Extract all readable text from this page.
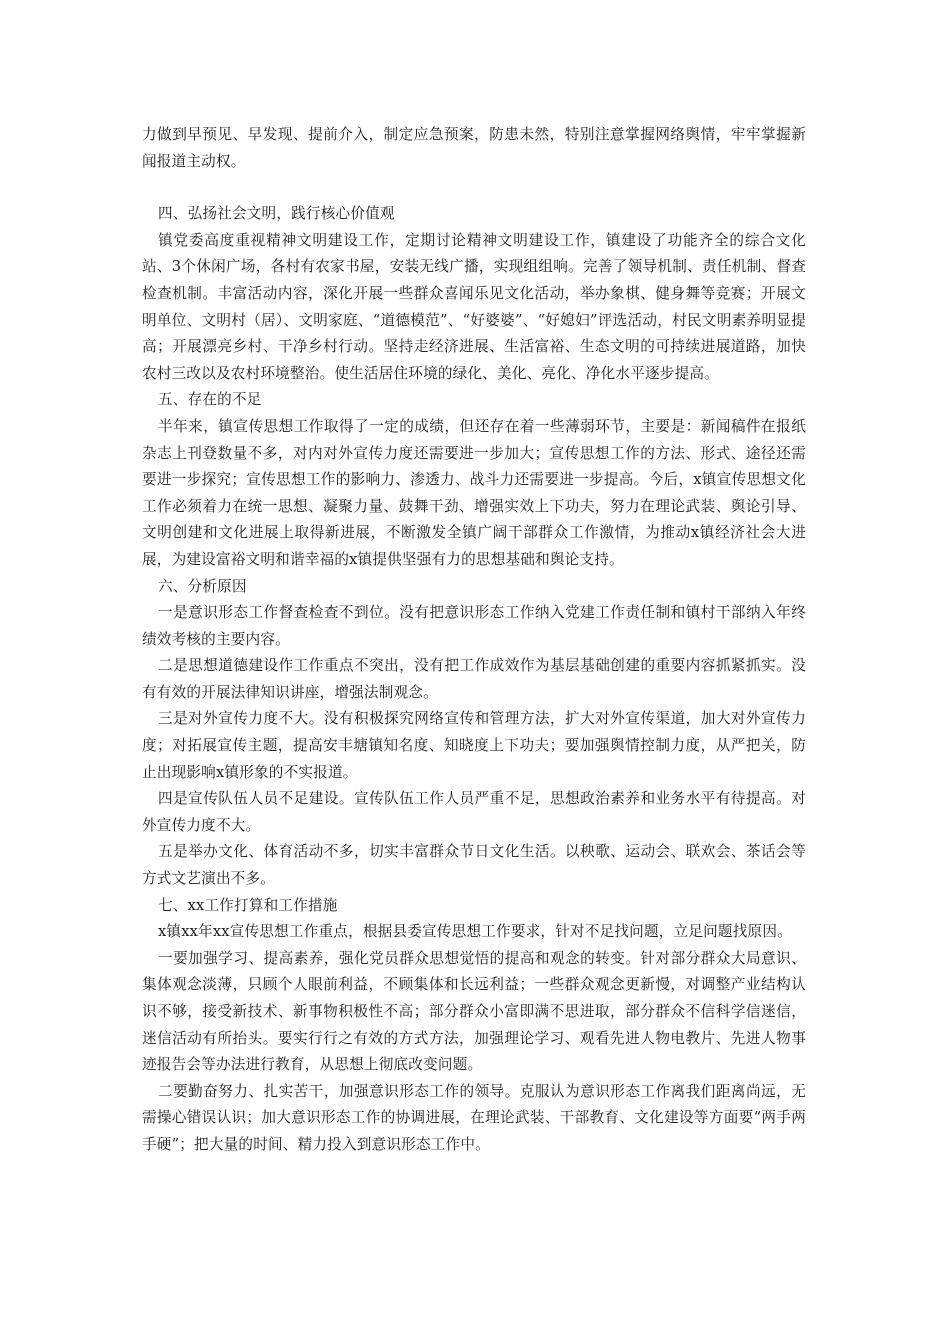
力做到早预见、早发现、提前介入，制定应急预案，防患未然，特别注意掌握网络舆情，牢牢掌握新闻报道主动权。

四、弘扬社会文明，践行核心价值观

镇党委高度重视精神文明建设工作，定期讨论精神文明建设工作，镇建设了功能齐全的综合文化站、3个休闲广场，各村有农家书屋，安装无线广播，实现组组响。完善了领导机制、责任机制、督查检查机制。丰富活动内容，深化开展一些群众喜闻乐见文化活动，举办象棋、健身舞等竞赛；开展文明单位、文明村（居）、文明家庭、“道德模范”、“好婆婆”、“好媳妇”评选活动，村民文明素养明显提高；开展漂亮乡村、干净乡村行动。坚持走经济进展、生活富裕、生态文明的可持续进展道路，加快农村三改以及农村环境整治。使生活居住环境的绿化、美化、亮化、净化水平逐步提高。

五、存在的不足

半年来，镇宣传思想工作取得了一定的成绩，但还存在着一些薄弱环节，主要是：新闻稿件在报纸杂志上刊登数量不多，对内对外宣传力度还需要进一步加大；宣传思想工作的方法、形式、途径还需要进一步探究；宣传思想工作的影响力、渗透力、战斗力还需要进一步提高。今后，x镇宣传思想文化工作必须着力在统一思想、凝聚力量、鼓舞干劲、增强实效上下功夫，努力在理论武装、舆论引导、文明创建和文化进展上取得新进展，不断激发全镇广阔干部群众工作激情，为推动x镇经济社会大进展，为建设富裕文明和谐幸福的x镇提供坚强有力的思想基础和舆论支持。

六、分析原因

一是意识形态工作督查检查不到位。没有把意识形态工作纳入党建工作责任制和镇村干部纳入年终绩效考核的主要内容。

二是思想道德建设作工作重点不突出，没有把工作成效作为基层基础创建的重要内容抓紧抓实。没有有效的开展法律知识讲座，增强法制观念。

三是对外宣传力度不大。没有积极探究网络宣传和管理方法，扩大对外宣传渠道，加大对外宣传力度；对拓展宣传主题，提高安丰塘镇知名度、知晓度上下功夫；要加强舆情控制力度，从严把关，防止出现影响x镇形象的不实报道。

四是宣传队伍人员不足建设。宣传队伍工作人员严重不足，思想政治素养和业务水平有待提高。对外宣传力度不大。

五是举办文化、体育活动不多，切实丰富群众节日文化生活。以秧歌、运动会、联欢会、茶话会等方式文艺演出不多。

七、xx工作打算和工作措施

x镇xx年xx宣传思想工作重点，根据县委宣传思想工作要求，针对不足找问题，立足问题找原因。

一要加强学习、提高素养，强化党员群众思想觉悟的提高和观念的转变。针对部分群众大局意识、集体观念淡薄，只顾个人眼前利益，不顾集体和长远利益；一些群众观念更新慢，对调整产业结构认识不够，接受新技术、新事物积极性不高；部分群众小富即满不思进取，部分群众不信科学信迷信，迷信活动有所抬头。要实行行之有效的方式方法，加强理论学习、观看先进人物电教片、先进人物事迹报告会等办法进行教育，从思想上彻底改变问题。

二要勤奋努力、扎实苦干，加强意识形态工作的领导。克服认为意识形态工作离我们距离尚远，无需操心错误认识；加大意识形态工作的协调进展，在理论武装、干部教育、文化建设等方面要“两手两手硬”；把大量的时间、精力投入到意识形态工作中。
